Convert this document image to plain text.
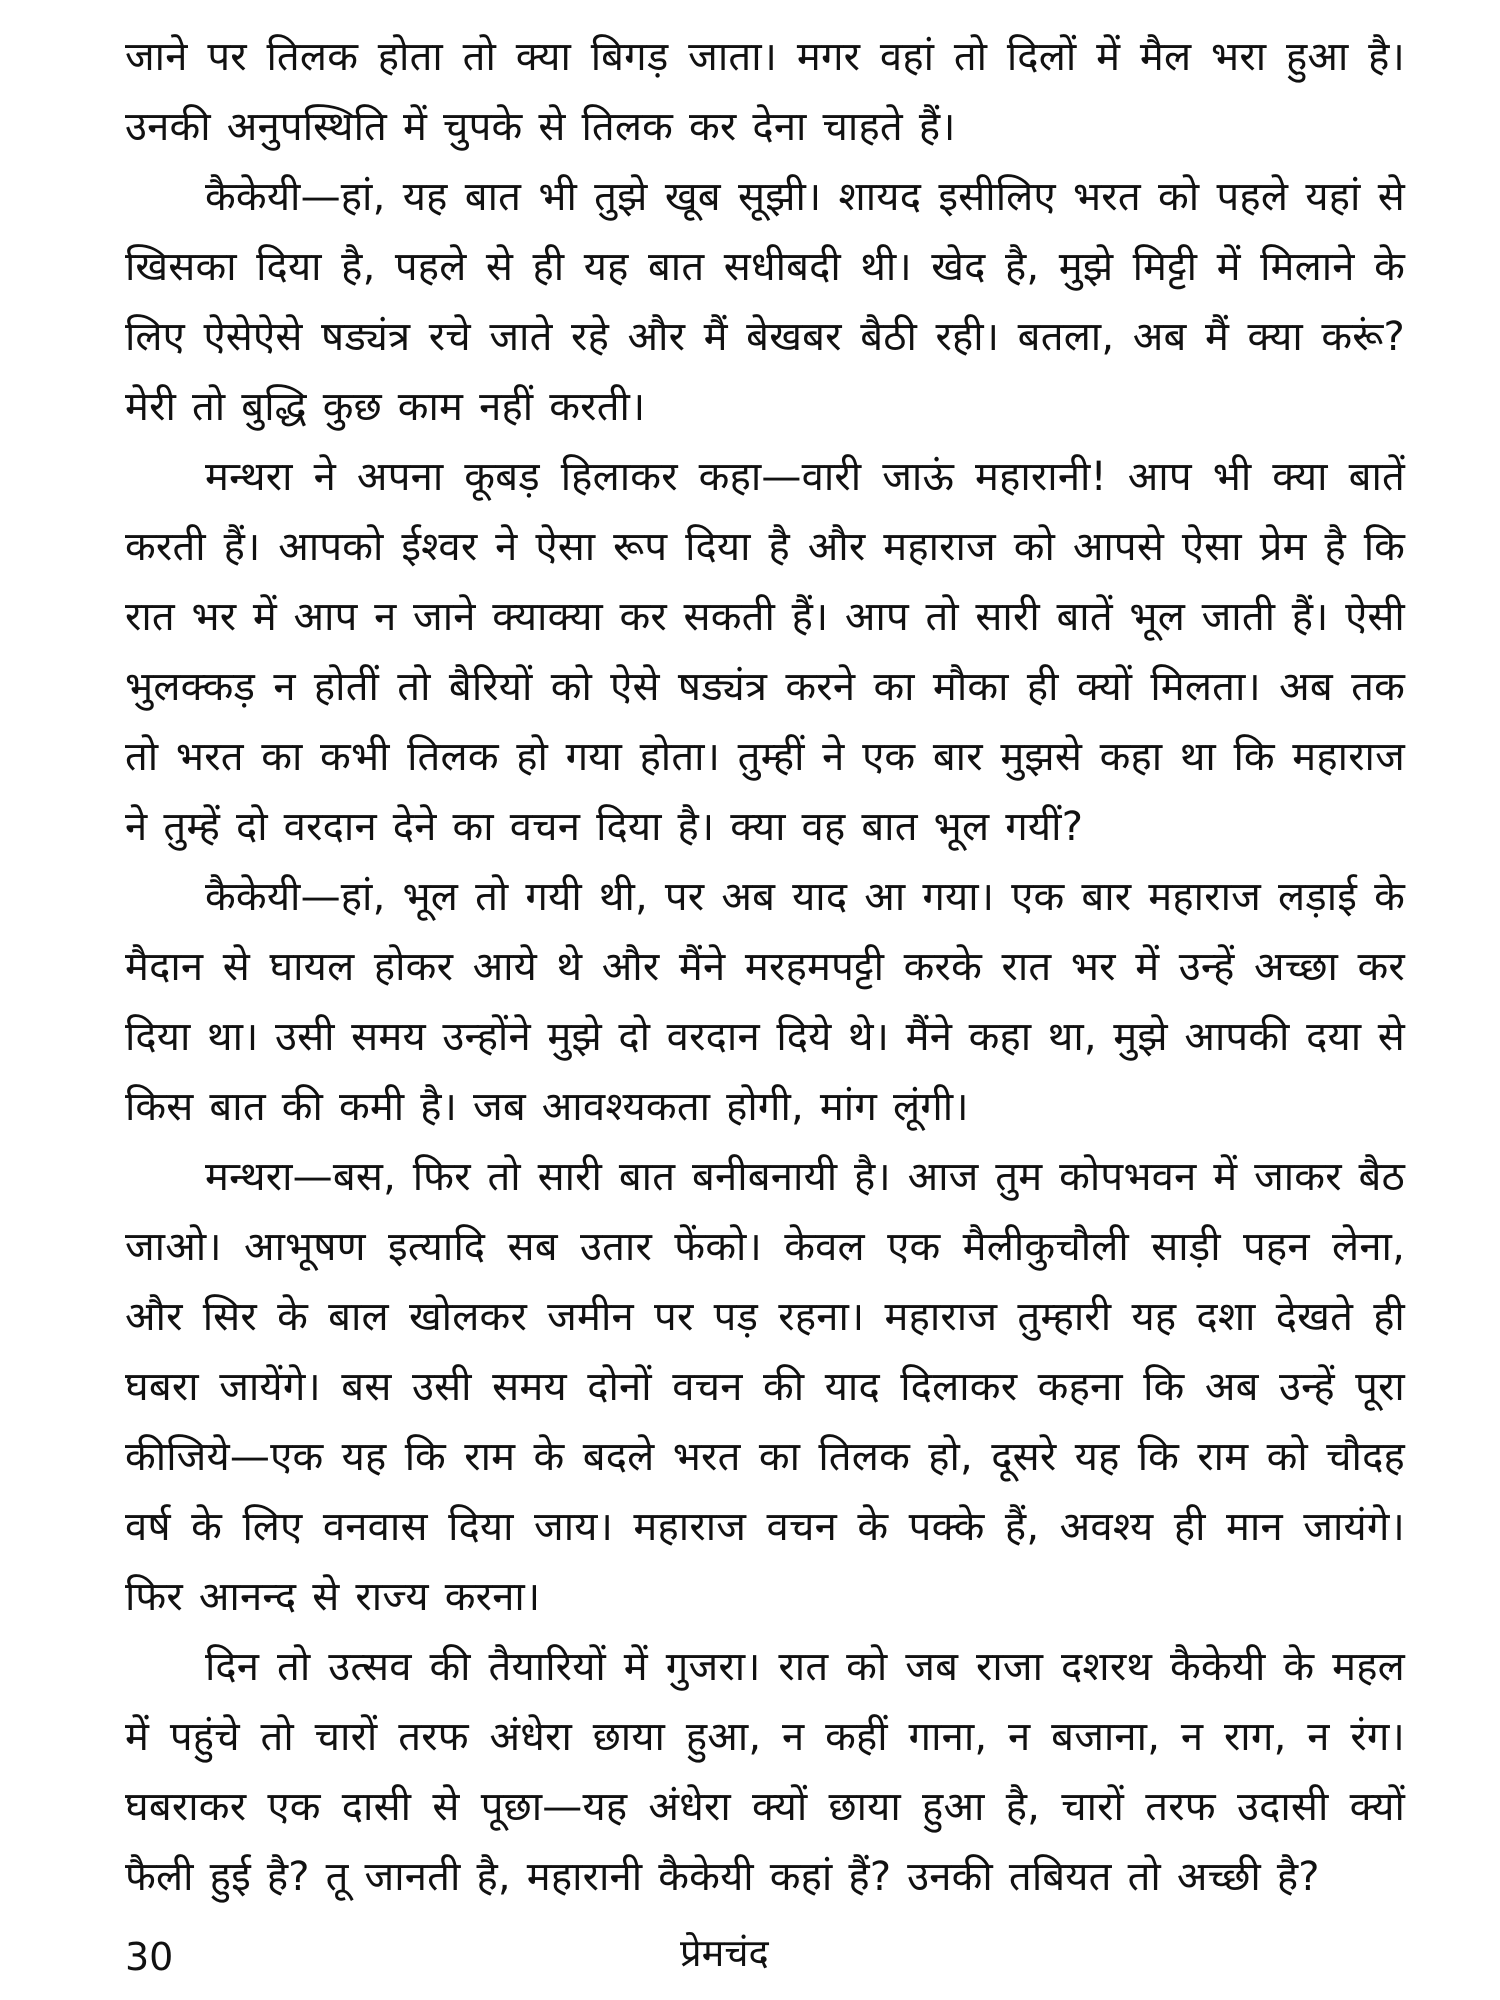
जाने पर तिलक होता तो क्या बिगड़ जाता। मगर वहां तो दिलों में मैल भरा हुआ है। उनकी अनुपस्थिति में चुपके से तिलक कर देना चाहते हैं।

कैकेयी—हां, यह बात भी तुझे खूब सूझी। शायद इसीलिए भरत को पहले यहां से खिसका दिया है, पहले से ही यह बात सधीबदी थी। खेद है, मुझे मिट्टी में मिलाने के लिए ऐसेऐसे षड्यंत्र रचे जाते रहे और मैं बेखबर बैठी रही। बतला, अब मैं क्या करूं? मेरी तो बुद्धि कुछ काम नहीं करती।

मन्थरा ने अपना कूबड़ हिलाकर कहा—वारी जाऊं महारानी! आप भी क्या बातें करती हैं। आपको ईश्वर ने ऐसा रूप दिया है और महाराज को आपसे ऐसा प्रेम है कि रात भर में आप न जाने क्याक्या कर सकती हैं। आप तो सारी बातें भूल जाती हैं। ऐसी भुलक्कड़ न होतीं तो बैरियों को ऐसे षड्यंत्र करने का मौका ही क्यों मिलता। अब तक तो भरत का कभी तिलक हो गया होता। तुम्हीं ने एक बार मुझसे कहा था कि महाराज ने तुम्हें दो वरदान देने का वचन दिया है। क्या वह बात भूल गयीं?

कैकेयी—हां, भूल तो गयी थी, पर अब याद आ गया। एक बार महाराज लड़ाई के मैदान से घायल होकर आये थे और मैंने मरहमपट्टी करके रात भर में उन्हें अच्छा कर दिया था। उसी समय उन्होंने मुझे दो वरदान दिये थे। मैंने कहा था, मुझे आपकी दया से किस बात की कमी है। जब आवश्यकता होगी, मांग लूंगी।

मन्थरा—बस, फिर तो सारी बात बनीबनायी है। आज तुम कोपभवन में जाकर बैठ जाओ। आभूषण इत्यादि सब उतार फेंको। केवल एक मैलीकुचौली साड़ी पहन लेना, और सिर के बाल खोलकर जमीन पर पड़ रहना। महाराज तुम्हारी यह दशा देखते ही घबरा जायेंगे। बस उसी समय दोनों वचन की याद दिलाकर कहना कि अब उन्हें पूरा कीजिये—एक यह कि राम के बदले भरत का तिलक हो, दूसरे यह कि राम को चौदह वर्ष के लिए वनवास दिया जाय। महाराज वचन के पक्के हैं, अवश्य ही मान जायंगे। फिर आनन्द से राज्य करना।

दिन तो उत्सव की तैयारियों में गुजरा। रात को जब राजा दशरथ कैकेयी के महल में पहुंचे तो चारों तरफ अंधेरा छाया हुआ, न कहीं गाना, न बजाना, न राग, न रंग। घबराकर एक दासी से पूछा—यह अंधेरा क्यों छाया हुआ है, चारों तरफ उदासी क्यों फैली हुई है? तू जानती है, महारानी कैकेयी कहां हैं? उनकी तबियत तो अच्छी है?

30	प्रेमचंद
